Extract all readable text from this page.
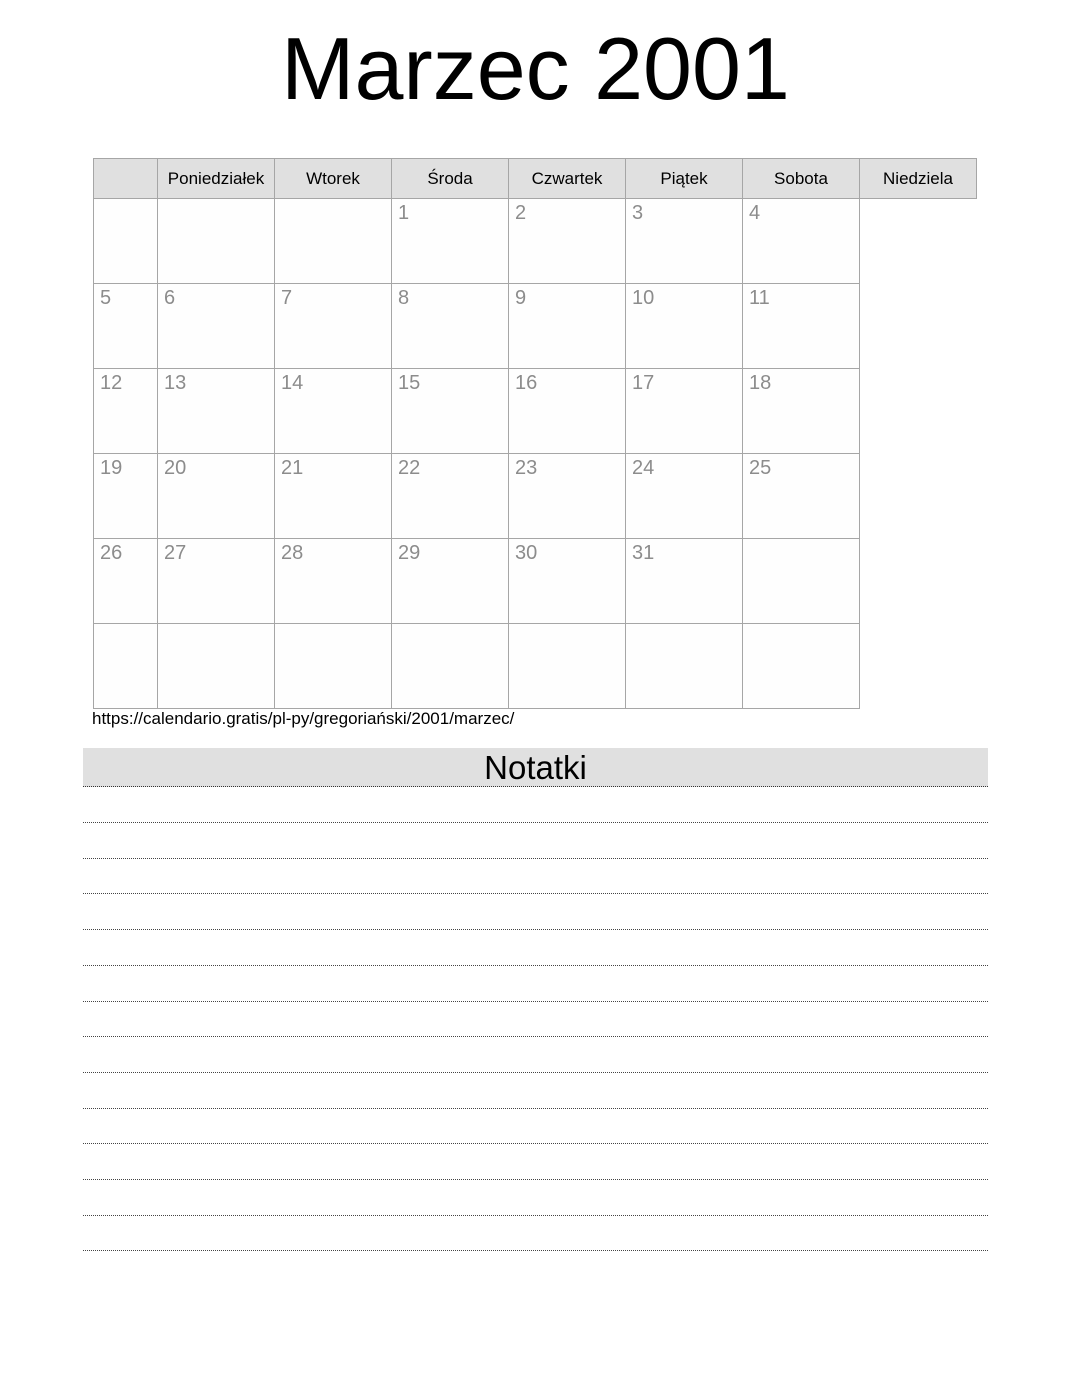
Marzec 2001
	Poniedziałek	Wtorek	Środa	Czwartek	Piątek	Sobota	Niedziela
			1	2	3	4	
5	6	7	8	9	10	11	
12	13	14	15	16	17	18	
19	20	21	22	23	24	25	
26	27	28	29	30	31		

https://calendario.gratis/pl-py/gregoriański/2001/marzec/
Notatki
